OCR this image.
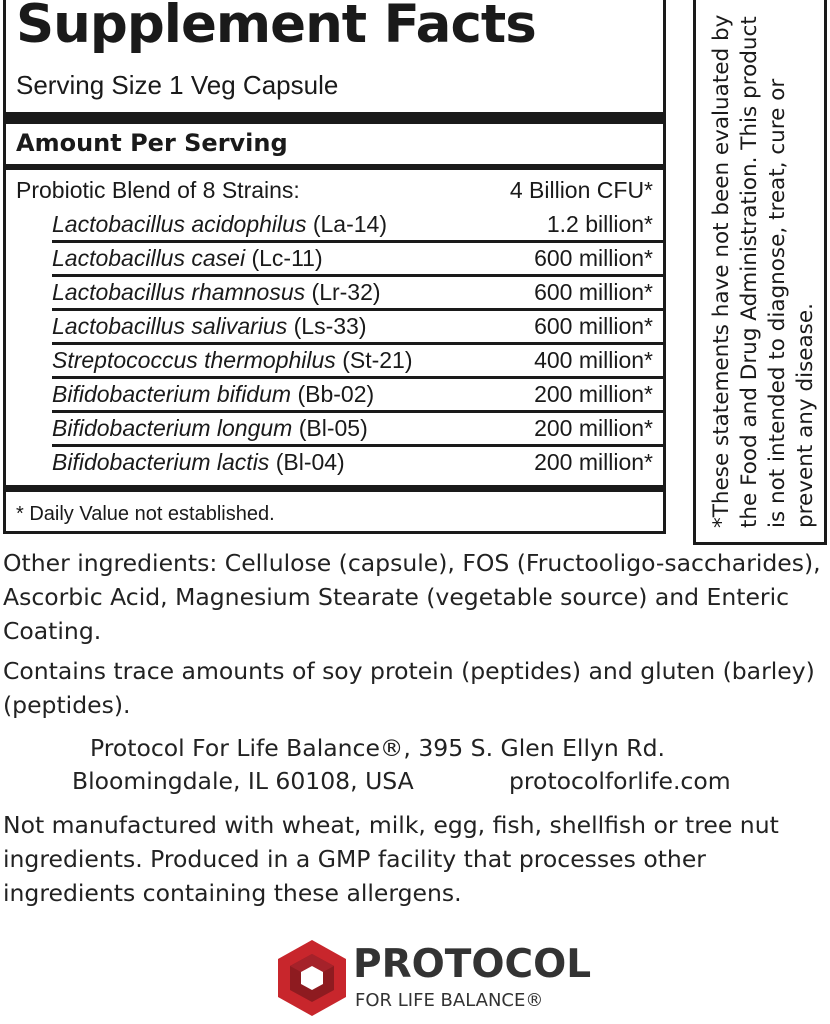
Supplement Facts
Serving Size 1 Veg Capsule
Amount Per Serving
Probiotic Blend of 8 Strains:	4 Billion CFU*
Lactobacillus acidophilus (La-14)	1.2 billion*
Lactobacillus casei (Lc-11)	600 million*
Lactobacillus rhamnosus (Lr-32)	600 million*
Lactobacillus salivarius (Ls-33)	600 million*
Streptococcus thermophilus (St-21)	400 million*
Bifidobacterium bifidum (Bb-02)	200 million*
Bifidobacterium longum (Bl-05)	200 million*
Bifidobacterium lactis (Bl-04)	200 million*
* Daily Value not established.	*These statements have not been evaluated by the Food and Drug Administration. This product is not intended to diagnose, treat, cure or prevent any disease.
Other ingredients: Cellulose (capsule), FOS (Fructooligo-saccharides), Ascorbic Acid, Magnesium Stearate (vegetable source) and Enteric Coating.
Contains trace amounts of soy protein (peptides) and gluten (barley) (peptides).
Protocol For Life Balance®, 395 S. Glen Ellyn Rd.
Bloomingdale, IL 60108, USA	protocolforlife.com
Not manufactured with wheat, milk, egg, fish, shellfish or tree nut ingredients. Produced in a GMP facility that processes other ingredients containing these allergens.
PROTOCOL
FOR LIFE BALANCE®
